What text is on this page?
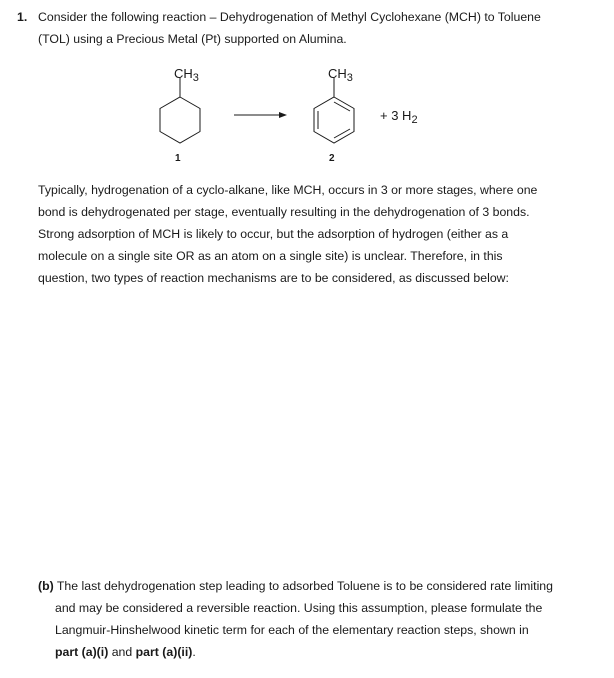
1. Consider the following reaction – Dehydrogenation of Methyl Cyclohexane (MCH) to Toluene
(TOL) using a Precious Metal (Pt) supported on Alumina.
$CH_3$
1
$CH_3$
2
+ 3 $H_2$
Typically, hydrogenation of a cyclo-alkane, like MCH, occurs in 3 or more stages, where one
bond is dehydrogenated per stage, eventually resulting in the dehydrogenation of 3 bonds.
Strong adsorption of MCH is likely to occur, but the adsorption of hydrogen (either as a
molecule on a single site OR as an atom on a single site) is unclear. Therefore, in this
question, two types of reaction mechanisms are to be considered, as discussed below:
(b) The last dehydrogenation step leading to adsorbed Toluene is to be considered rate limiting
and may be considered a reversible reaction. Using this assumption, please formulate the
Langmuir-Hinshelwood kinetic term for each of the elementary reaction steps, shown in
part (a)(i) and part (a)(ii).
